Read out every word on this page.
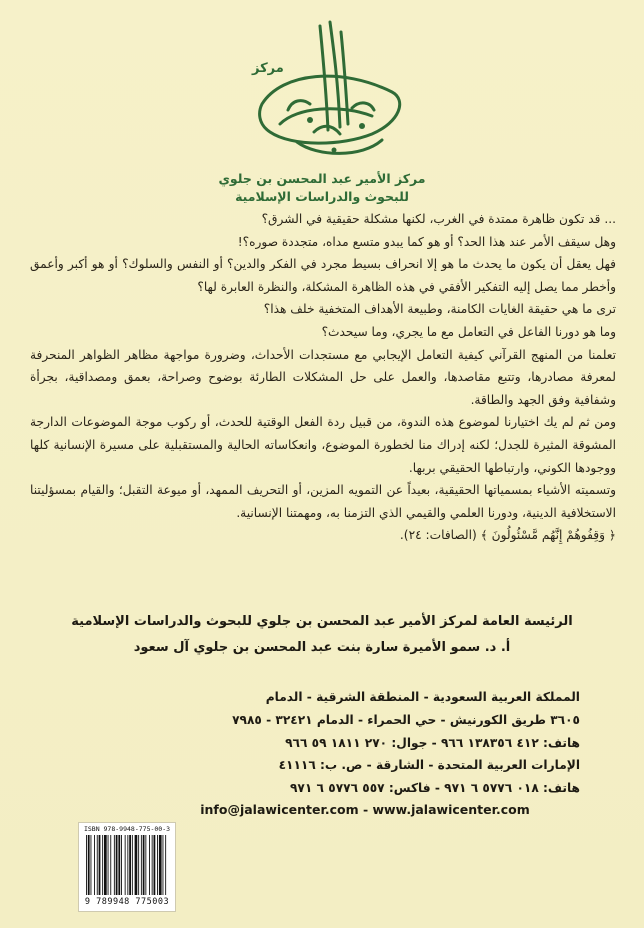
مركز
مركز الأمير عبد المحسن بن جلوي
للبحوث والدراسات الإسلامية

... قد تكون ظاهرة ممتدة في الغرب، لكنها مشكلة حقيقية في الشرق؟

وهل سيقف الأمر عند هذا الحد؟ أو هو كما يبدو متسع مداه، متجددة صوره؟!

فهل يعقل أن يكون ما يحدث ما هو إلا انحراف بسيط مجرد في الفكر والدين؟ أو النفس والسلوك؟ أو هو أكبر وأعمق وأخطر مما يصل إليه التفكير الأفقي في هذه الظاهرة المشكلة، والنظرة العابرة لها؟

ترى ما هي حقيقة الغايات الكامنة، وطبيعة الأهداف المتخفية خلف هذا؟

وما هو دورنا الفاعل في التعامل مع ما يجري، وما سيحدث؟

تعلمنا من المنهج القرآني كيفية التعامل الإيجابي مع مستجدات الأحداث، وضرورة مواجهة مظاهر الظواهر المنحرفة لمعرفة مصادرها، وتتبع مقاصدها، والعمل على حل المشكلات الطارئة بوضوح وصراحة، بعمق ومصداقية، بجرأة وشفافية وفق الجهد والطاقة.

ومن ثم لم يك اختيارنا لموضوع هذه الندوة، من قبيل ردة الفعل الوقتية للحدث، أو ركوب موجة الموضوعات الدارجة المشوقة المثيرة للجدل؛ لكنه إدراك منا لخطورة الموضوع، وانعكاساته الحالية والمستقبلية على مسيرة الإنسانية كلها ووجودها الكوني، وارتباطها الحقيقي بربها.

وتسميته الأشياء بمسمياتها الحقيقية، بعيداً عن التمويه المزين، أو التحريف الممهد، أو ميوعة التقبل؛ والقيام بمسؤليتنا الاستخلافية الدينية، ودورنا العلمي والقيمي الذي التزمنا به، ومهمتنا الإنسانية.

﴿ وَقِفُوهُمْ إِنَّهُم مَّسْئُولُونَ ﴾ (الصافات: ٢٤).

الرئيسة العامة لمركز الأمير عبد المحسن بن جلوي للبحوث والدراسات الإسلامية
أ. د. سمو الأميرة سارة بنت عبد المحسن بن جلوي آل سعود
المملكة العربية السعودية - المنطقة الشرقية - الدمام
٣٦٠٥ طريق الكورنيش - حي الحمراء - الدمام ٣٢٤٢١ - ٧٩٨٥
هاتف: ٤١٢ ١٣٨٣٥٦ ٩٦٦ - جوال: ٢٧٠ ١٨١١ ٥٩ ٩٦٦
الإمارات العربية المتحدة - الشارقة - ص. ب: ٤١١١٦
هاتف: ٠١٨ ٥٧٧٦ ٦ ٩٧١ - فاكس: ٥٥٧ ٥٧٧٦ ٦ ٩٧١
info@jalawicenter.com - www.jalawicenter.com
ISBN 978-9948-775-00-3
9 789948 775003
